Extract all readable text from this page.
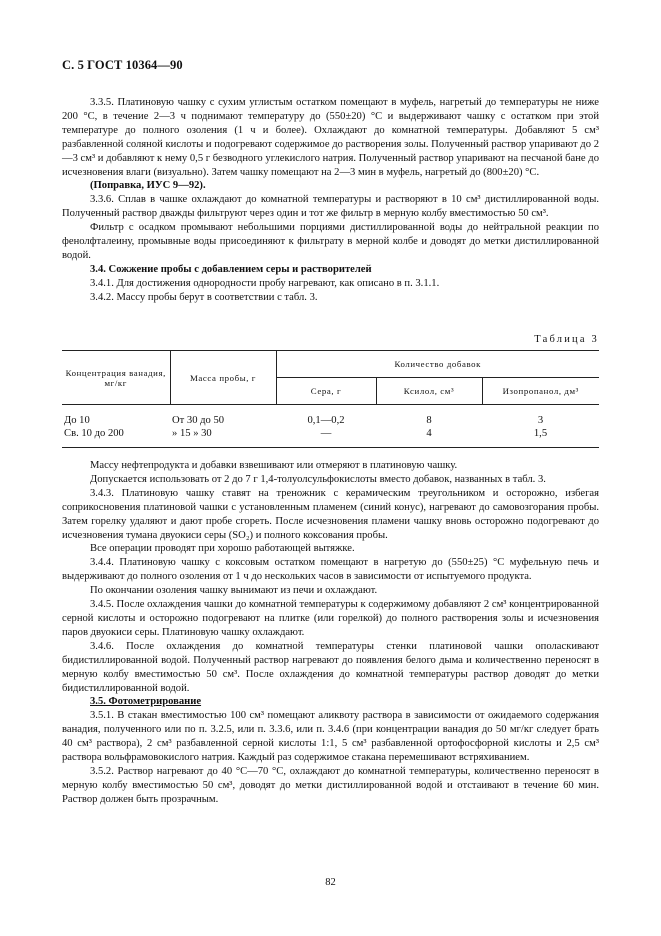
С. 5 ГОСТ 10364—90

3.3.5. Платиновую чашку с сухим углистым остатком помещают в муфель, нагретый до температуры не ниже 200 °С, в течение 2—3 ч поднимают температуру до (550±20) °С и выдерживают чашку с остатком при этой температуре до полного озоления (1 ч и более). Охлаждают до комнатной температуры. Добавляют 5 см³ разбавленной соляной кислоты и подогревают содержимое до растворения золы. Полученный раствор упаривают до 2—3 см³ и добавляют к нему 0,5 г безводного углекислого натрия. Полученный раствор упаривают на песчаной бане до исчезновения влаги (визуально). Затем чашку помещают на 2—3 мин в муфель, нагретый до (800±20) °С.

(Поправка, ИУС 9—92).

3.3.6. Сплав в чашке охлаждают до комнатной температуры и растворяют в 10 см³ дистиллированной воды. Полученный раствор дважды фильтруют через один и тот же фильтр в мерную колбу вместимостью 50 см³.

Фильтр с осадком промывают небольшими порциями дистиллированной воды до нейтральной реакции по фенолфталеину, промывные воды присоединяют к фильтрату в мерной колбе и доводят до метки дистиллированной водой.

3.4. Сожжение пробы с добавлением серы и растворителей

3.4.1. Для достижения однородности пробу нагревают, как описано в п. 3.1.1.

3.4.2. Массу пробы берут в соответствии с табл. 3.

Таблица 3
Концентрация ванадия, мг/кг	Масса пробы, г	Количество добавок		
		Сера, г	Ксилол, см³	Изопропанол, дм³
До 10	От 30 до 50	0,1—0,2	8	3
Св. 10 до 200	» 15 » 30	—	4	1,5

Массу нефтепродукта и добавки взвешивают или отмеряют в платиновую чашку.

Допускается использовать от 2 до 7 г 1,4-толуолсульфокислоты вместо добавок, названных в табл. 3.

3.4.3. Платиновую чашку ставят на треножник с керамическим треугольником и осторожно, избегая соприкосновения платиновой чашки с установленным пламенем (синий конус), нагревают до самовозгорания пробы. Затем горелку удаляют и дают пробе сгореть. После исчезновения пламени чашку вновь осторожно подогревают до исчезновения тумана двуокиси серы (SO₂) и полного коксования пробы.

Все операции проводят при хорошо работающей вытяжке.

3.4.4. Платиновую чашку с коксовым остатком помещают в нагретую до (550±25) °С муфельную печь и выдерживают до полного озоления от 1 ч до нескольких часов в зависимости от испытуемого продукта.

По окончании озоления чашку вынимают из печи и охлаждают.

3.4.5. После охлаждения чашки до комнатной температуры к содержимому добавляют 2 см³ концентрированной серной кислоты и осторожно подогревают на плитке (или горелкой) до полного растворения золы и исчезновения паров двуокиси серы. Платиновую чашку охлаждают.

3.4.6. После охлаждения до комнатной температуры стенки платиновой чашки ополаскивают бидистиллированной водой. Полученный раствор нагревают до появления белого дыма и количественно переносят в мерную колбу вместимостью 50 см³. После охлаждения до комнатной температуры раствор доводят до метки бидистиллированной водой.

3.5. Фотометрирование

3.5.1. В стакан вместимостью 100 см³ помещают аликвоту раствора в зависимости от ожидаемого содержания ванадия, полученного или по п. 3.2.5, или п. 3.3.6, или п. 3.4.6 (при концентрации ванадия до 50 мг/кг следует брать 40 см³ раствора), 2 см³ разбавленной серной кислоты 1:1, 5 см³ разбавленной ортофосфорной кислоты и 2,5 см³ раствора вольфрамовокислого натрия. Каждый раз содержимое стакана перемешивают встряхиванием.

3.5.2. Раствор нагревают до 40 °С—70 °С, охлаждают до комнатной температуры, количественно переносят в мерную колбу вместимостью 50 см³, доводят до метки дистиллированной водой и отстаивают в течение 60 мин. Раствор должен быть прозрачным.

82
